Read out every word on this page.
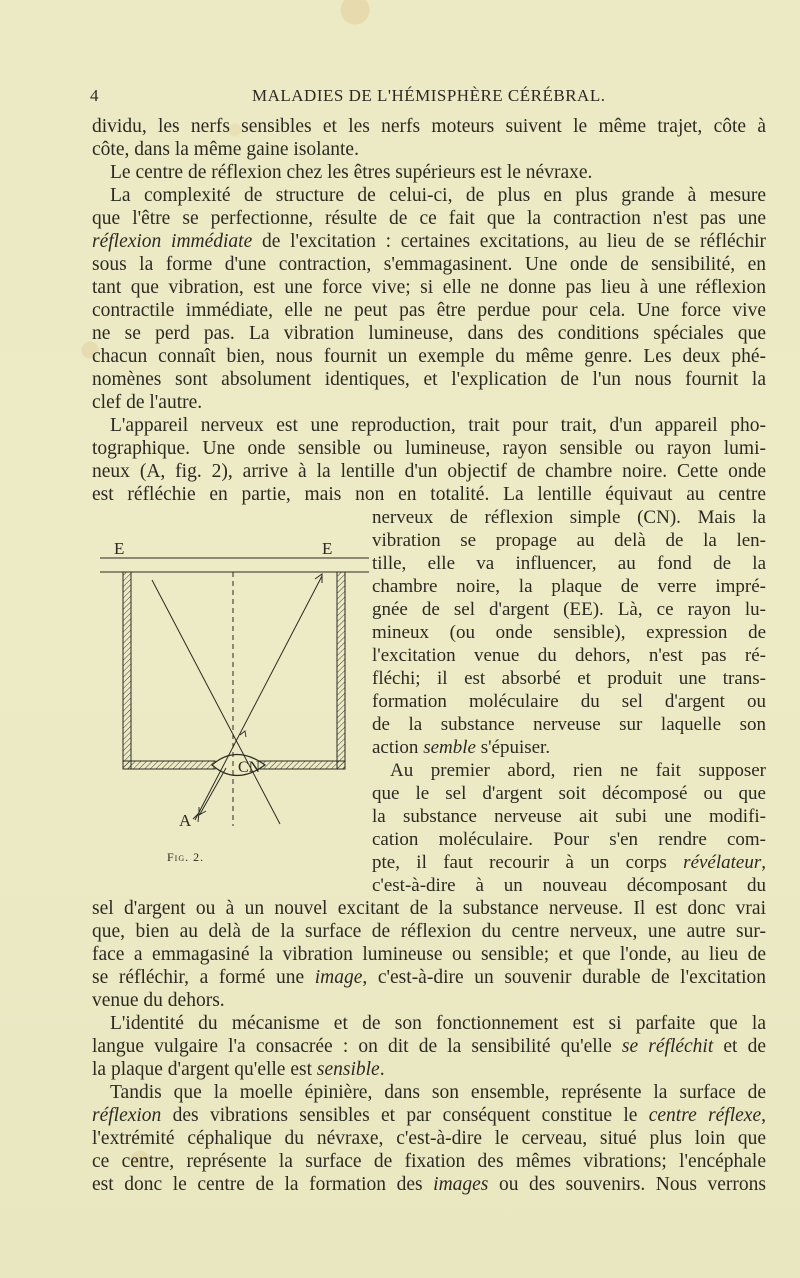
4	MALADIES DE L'HÉMISPHÈRE CÉRÉBRAL.
dividu, les nerfs sensibles et les nerfs moteurs suivent le même trajet, côte à
côte, dans la même gaine isolante.
Le centre de réflexion chez les êtres supérieurs est le névraxe.
La complexité de structure de celui-ci, de plus en plus grande à mesure
que l'être se perfectionne, résulte de ce fait que la contraction n'est pas une
réflexion immédiate de l'excitation : certaines excitations, au lieu de se réfléchir
sous la forme d'une contraction, s'emmagasinent. Une onde de sensibilité, en
tant que vibration, est une force vive; si elle ne donne pas lieu à une réflexion
contractile immédiate, elle ne peut pas être perdue pour cela. Une force vive
ne se perd pas. La vibration lumineuse, dans des conditions spéciales que
chacun connaît bien, nous fournit un exemple du même genre. Les deux phé-
nomènes sont absolument identiques, et l'explication de l'un nous fournit la
clef de l'autre.
L'appareil nerveux est une reproduction, trait pour trait, d'un appareil pho-
tographique. Une onde sensible ou lumineuse, rayon sensible ou rayon lumi-
neux (A, fig. 2), arrive à la lentille d'un objectif de chambre noire. Cette onde
est réfléchie en partie, mais non en totalité. La lentille équivaut au centre
nerveux de réflexion simple (CN). Mais la
vibration se propage au delà de la len-
tille, elle va influencer, au fond de la
chambre noire, la plaque de verre impré-
gnée de sel d'argent (EE). Là, ce rayon lu-
mineux (ou onde sensible), expression de
l'excitation venue du dehors, n'est pas ré-
fléchi; il est absorbé et produit une trans-
formation moléculaire du sel d'argent ou
de la substance nerveuse sur laquelle son
action semble s'épuiser.
Au premier abord, rien ne fait supposer
que le sel d'argent soit décomposé ou que
la substance nerveuse ait subi une modifi-
cation moléculaire. Pour s'en rendre com-
pte, il faut recourir à un corps révélateur,
c'est-à-dire à un nouveau décomposant du
sel d'argent ou à un nouvel excitant de la substance nerveuse. Il est donc vrai
que, bien au delà de la surface de réflexion du centre nerveux, une autre sur-
face a emmagasiné la vibration lumineuse ou sensible; et que l'onde, au lieu de
se réfléchir, a formé une image, c'est-à-dire un souvenir durable de l'excitation
venue du dehors.
L'identité du mécanisme et de son fonctionnement est si parfaite que la
langue vulgaire l'a consacrée : on dit de la sensibilité qu'elle se réfléchit et de
la plaque d'argent qu'elle est sensible.
Tandis que la moelle épinière, dans son ensemble, représente la surface de
réflexion des vibrations sensibles et par conséquent constitue le centre réflexe,
l'extrémité céphalique du névraxe, c'est-à-dire le cerveau, situé plus loin que
ce centre, représente la surface de fixation des mêmes vibrations; l'encéphale
est donc le centre de la formation des images ou des souvenirs. Nous verrons
E	E
CN
A
Fig. 2.
